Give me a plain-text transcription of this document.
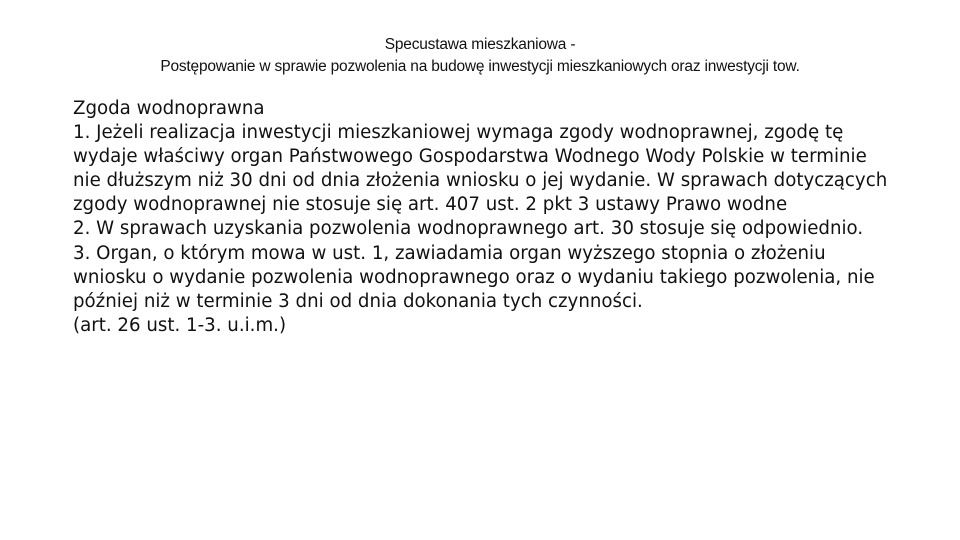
Specustawa mieszkaniowa -
Postępowanie w sprawie pozwolenia na budowę inwestycji mieszkaniowych oraz inwestycji tow.

Zgoda wodnoprawna

1. Jeżeli realizacja inwestycji mieszkaniowej wymaga zgody wodnoprawnej, zgodę tę wydaje właściwy organ Państwowego Gospodarstwa Wodnego Wody Polskie w terminie nie dłuższym niż 30 dni od dnia złożenia wniosku o jej wydanie. W sprawach dotyczących zgody wodnoprawnej nie stosuje się art. 407 ust. 2 pkt 3 ustawy Prawo wodne

2. W sprawach uzyskania pozwolenia wodnoprawnego art. 30 stosuje się odpowiednio.

3. Organ, o którym mowa w ust. 1, zawiadamia organ wyższego stopnia o złożeniu wniosku o wydanie pozwolenia wodnoprawnego oraz o wydaniu takiego pozwolenia, nie później niż w terminie 3 dni od dnia dokonania tych czynności.

(art. 26 ust. 1-3. u.i.m.)
